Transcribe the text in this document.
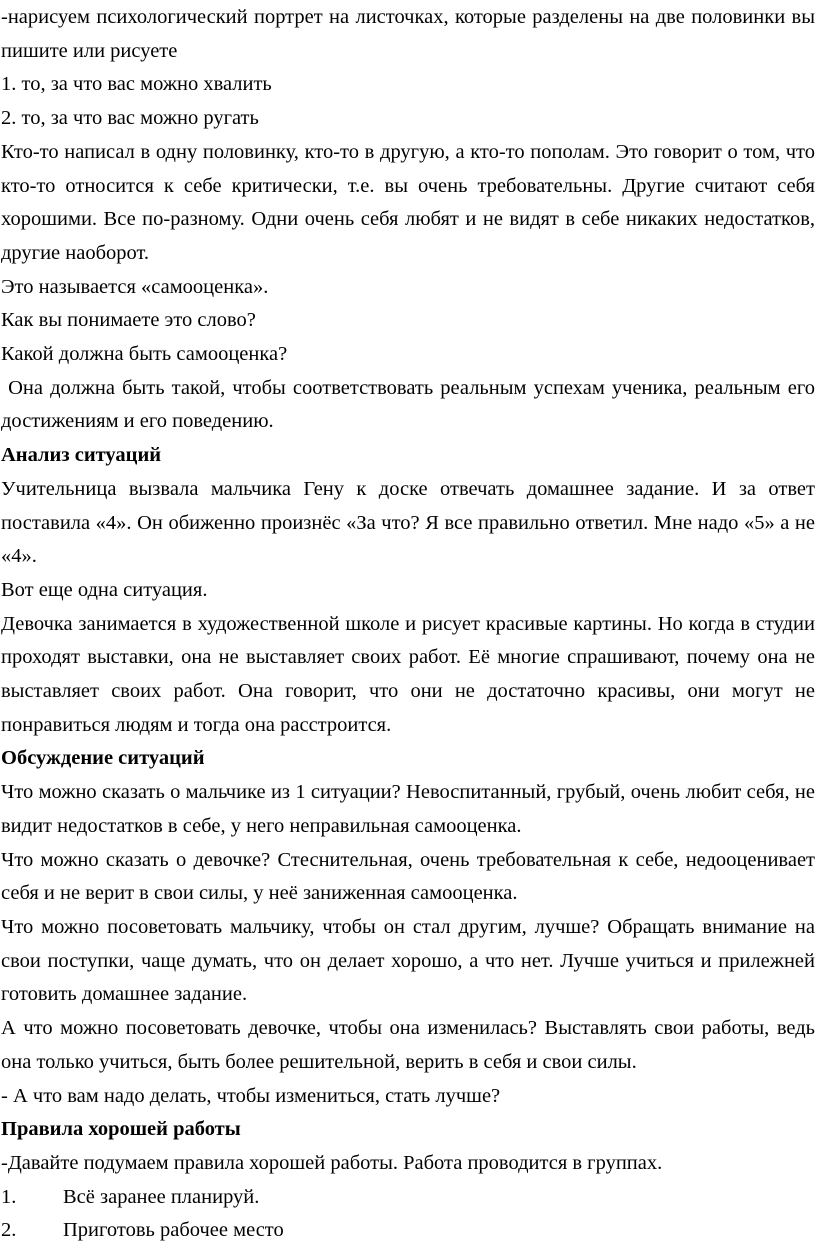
-нарисуем психологический портрет на листочках, которые разделены на две половинки вы пишите или рисуете

1. то, за что вас можно хвалить

2. то, за что вас можно ругать

Кто-то написал в одну половинку, кто-то в другую, а кто-то пополам. Это говорит о том, что кто-то относится к себе критически, т.е. вы очень требовательны. Другие считают себя хорошими. Все по-разному. Одни очень себя любят и не видят в себе никаких недостатков, другие наоборот.

Это называется «самооценка».

Как вы понимаете это слово?

Какой должна быть самооценка?

Она должна быть такой, чтобы соответствовать реальным успехам ученика, реальным его достижениям и его поведению.

Анализ ситуаций

Учительница вызвала мальчика Гену к доске отвечать домашнее задание. И за ответ поставила «4». Он обиженно произнёс «За что? Я все правильно ответил. Мне надо «5» а не «4».

Вот еще одна ситуация.

Девочка занимается в художественной школе и рисует красивые картины. Но когда в студии проходят выставки, она не выставляет своих работ. Её многие спрашивают, почему она не выставляет своих работ. Она говорит, что они не достаточно красивы, они могут не понравиться людям и тогда она расстроится.

Обсуждение ситуаций

Что можно сказать о мальчике из 1 ситуации? Невоспитанный, грубый, очень любит себя, не видит недостатков в себе, у него неправильная самооценка.

Что можно сказать о девочке? Стеснительная, очень требовательная к себе, недооценивает себя и не верит в свои силы, у неё заниженная самооценка.

Что можно посоветовать мальчику, чтобы он стал другим, лучше? Обращать внимание на свои поступки, чаще думать, что он делает хорошо, а что нет. Лучше учиться и прилежней готовить домашнее задание.

А что можно посоветовать девочке, чтобы она изменилась? Выставлять свои работы, ведь она только учиться, быть более решительной, верить в себя и свои силы.

- А что вам надо делать, чтобы измениться, стать лучше?

Правила хорошей работы

-Давайте подумаем правила хорошей работы. Работа проводится в группах.

1.	Всё заранее планируй.
2.	Приготовь рабочее место
